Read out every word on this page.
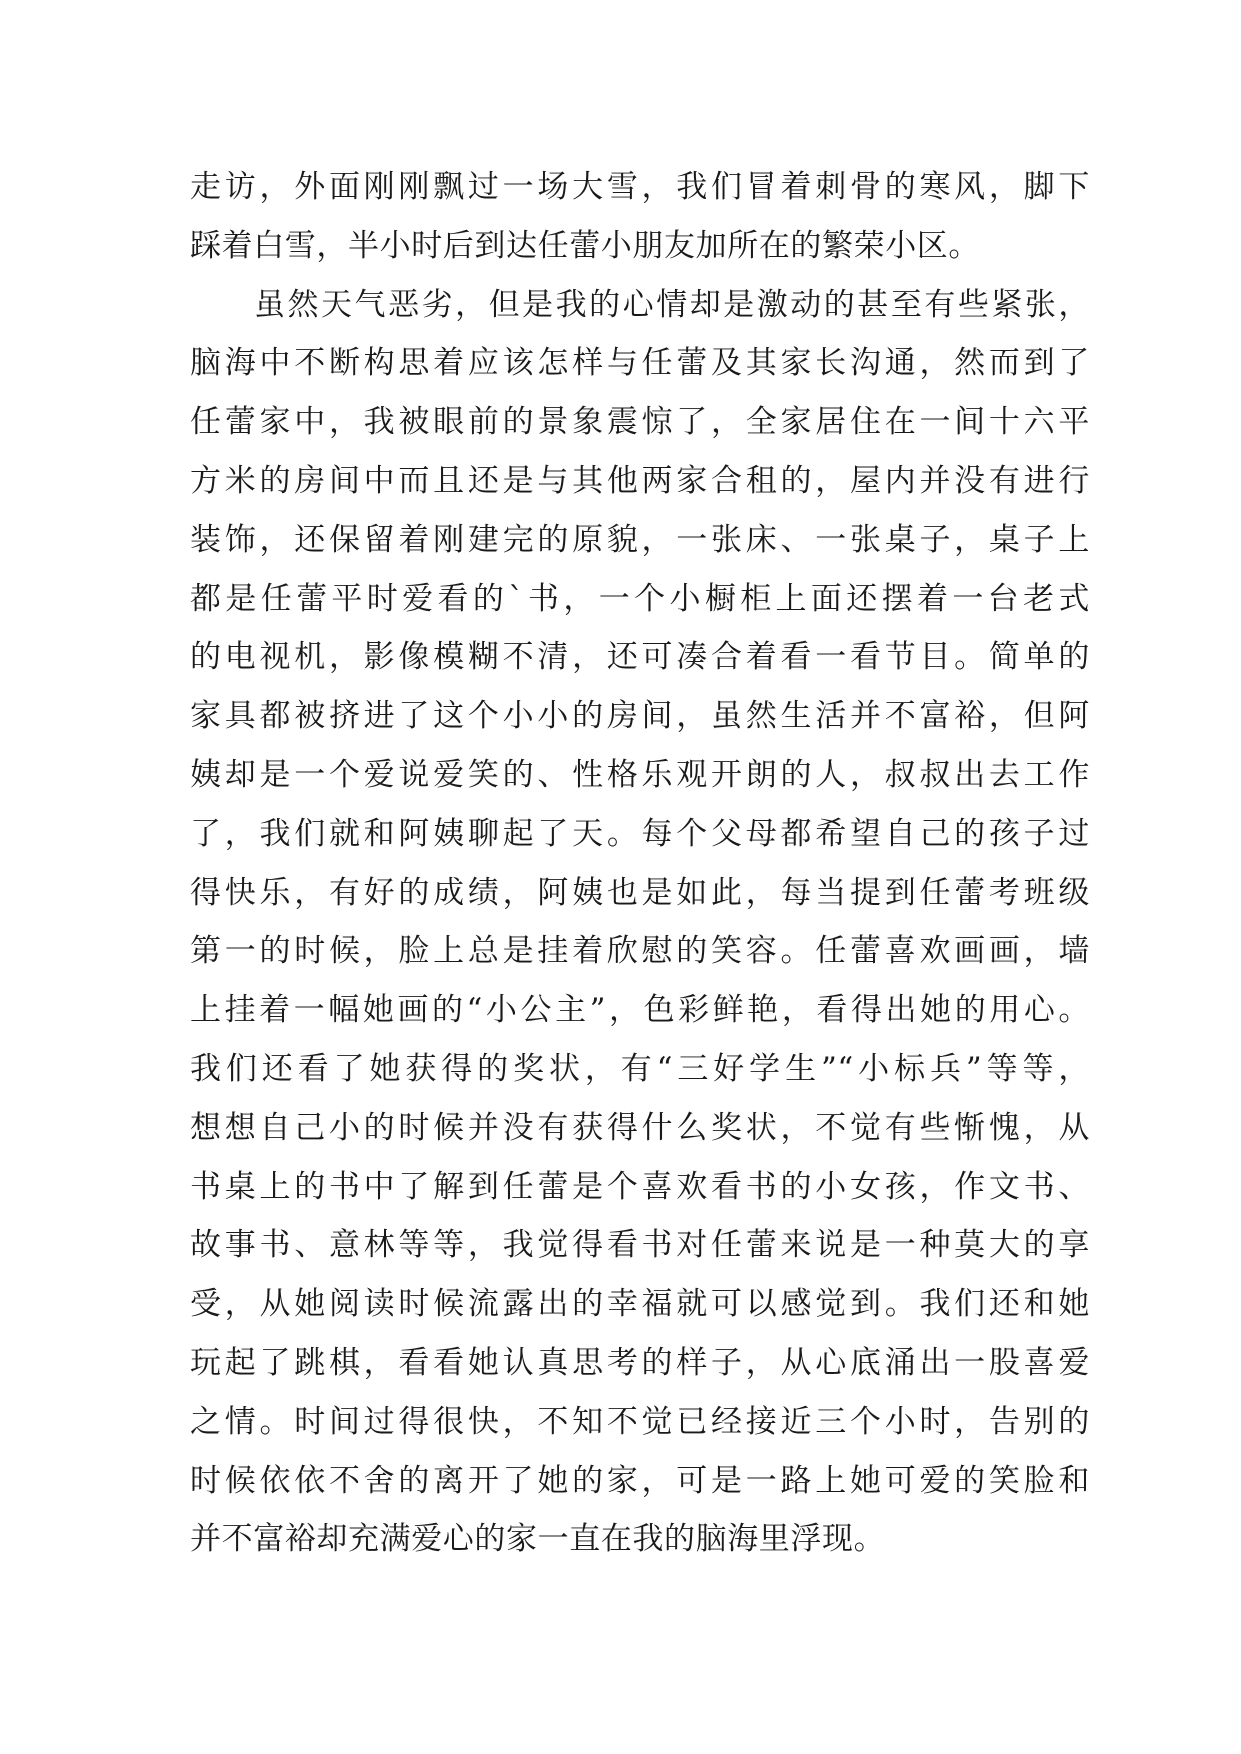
走访，外面刚刚飘过一场大雪，我们冒着刺骨的寒风，脚下
踩着白雪，半小时后到达任蕾小朋友加所在的繁荣小区。
虽然天气恶劣，但是我的心情却是激动的甚至有些紧张，
脑海中不断构思着应该怎样与任蕾及其家长沟通，然而到了
任蕾家中，我被眼前的景象震惊了，全家居住在一间十六平
方米的房间中而且还是与其他两家合租的，屋内并没有进行
装饰，还保留着刚建完的原貌，一张床、一张桌子，桌子上
都是任蕾平时爱看的`书，一个小橱柜上面还摆着一台老式
的电视机，影像模糊不清，还可凑合着看一看节目。简单的
家具都被挤进了这个小小的房间，虽然生活并不富裕，但阿
姨却是一个爱说爱笑的、性格乐观开朗的人，叔叔出去工作
了，我们就和阿姨聊起了天。每个父母都希望自己的孩子过
得快乐，有好的成绩，阿姨也是如此，每当提到任蕾考班级
第一的时候，脸上总是挂着欣慰的笑容。任蕾喜欢画画，墙
上挂着一幅她画的“小公主”，色彩鲜艳，看得出她的用心。
我们还看了她获得的奖状，有“三好学生”“小标兵”等等，
想想自己小的时候并没有获得什么奖状，不觉有些惭愧，从
书桌上的书中了解到任蕾是个喜欢看书的小女孩，作文书、
故事书、意林等等，我觉得看书对任蕾来说是一种莫大的享
受，从她阅读时候流露出的幸福就可以感觉到。我们还和她
玩起了跳棋，看看她认真思考的样子，从心底涌出一股喜爱
之情。时间过得很快，不知不觉已经接近三个小时，告别的
时候依依不舍的离开了她的家，可是一路上她可爱的笑脸和
并不富裕却充满爱心的家一直在我的脑海里浮现。
